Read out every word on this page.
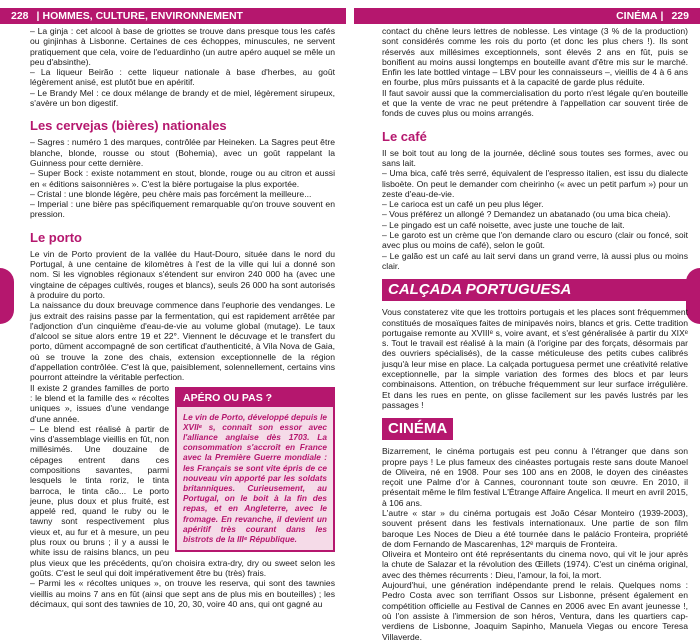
228 | HOMMES, CULTURE, ENVIRONNEMENT	CINÉMA | 229

– La ginja : cet alcool à base de griottes se trouve dans presque tous les cafés ou ginjinhas à Lisbonne. Certaines de ces échoppes, minuscules, ne servent pratiquement que cela, voire de l'eduardinho (un autre apéro auquel se mêle un peu d'absinthe).

– La liqueur Beirão : cette liqueur nationale à base d'herbes, au goût légèrement anisé, est plutôt bue en apéritif.

– Le Brandy Mel : ce doux mélange de brandy et de miel, légèrement sirupeux, s'avère un bon digestif.

Les cervejas (bières) nationales

– Sagres : numéro 1 des marques, contrôlée par Heineken. La Sagres peut être blanche, blonde, rousse ou stout (Bohemia), avec un goût rappelant la Guinness pour cette dernière.

– Super Bock : existe notamment en stout, blonde, rouge ou au citron et aussi en « éditions saisonnières ». C'est la bière portugaise la plus exportée.

– Cristal : une blonde légère, peu chère mais pas forcément la meilleure...

– Imperial : une bière pas spécifiquement remarquable qu'on trouve souvent en pression.

Le porto

Le vin de Porto provient de la vallée du Haut-Douro, située dans le nord du Portugal, à une centaine de kilomètres à l'est de la ville qui lui a donné son nom. Si les vignobles régionaux s'étendent sur environ 240 000 ha (avec une vingtaine de cépages cultivés, rouges et blancs), seuls 26 000 ha sont autorisés à produire du porto.

La naissance du doux breuvage commence dans l'euphorie des vendanges. Le jus extrait des raisins passe par la fermentation, qui est rapidement arrêtée par l'adjonction d'un cinquième d'eau-de-vie au volume global (mutage). Le taux d'alcool se situe alors entre 19 et 22°. Viennent le décuvage et le transfert du porto, dûment accompagné de son certificat d'authenticité, à Vila Nova de Gaia, où se trouve la zone des chais, extension exceptionnelle de la région d'appellation contrôlée. C'est là que, paisiblement, solennellement, certains vins pourront atteindre la véritable perfection.

APÉRO OU PAS ?
Le vin de Porto, développé depuis le XVIIᵉ s, connaît son essor avec l'alliance anglaise dès 1703. La consommation s'accroît en France avec la Première Guerre mondiale : les Français se sont vite épris de ce nouveau vin apporté par les soldats britanniques. Curieusement, au Portugal, on le boit à la fin des repas, et en Angleterre, avec le fromage. En revanche, il devient un apéritif très courant dans les bistrots de la IIIᵉ République.

Il existe 2 grandes familles de porto : le blend et la famille des « récoltes uniques », issues d'une vendange d'une année.

– Le blend est réalisé à partir de vins d'assemblage vieillis en fût, non millésimés. Une douzaine de cépages entrent dans ces compositions savantes, parmi lesquels le tinta roriz, le tinta barroca, le tinta cão... Le porto jeune, plus doux et plus fruité, est appelé red, quand le ruby ou le tawny sont respectivement plus vieux et, au fur et à mesure, un peu plus roux ou bruns ; il y a aussi le white issu de raisins blancs, un peu plus vieux que les précédents, qu'on choisira extra-dry, dry ou sweet selon les goûts. C'est le seul qui doit impérativement être bu (très) frais.

– Parmi les « récoltes uniques », on trouve les reserva, qui sont des tawnies vieillis au moins 7 ans en fût (ainsi que sept ans de plus mis en bouteilles) ; les décimaux, qui sont des tawnies de 10, 20, 30, voire 40 ans, qui ont gagné au

contact du chêne leurs lettres de noblesse. Les vintage (3 % de la production) sont considérés comme les rois du porto (et donc les plus chers !). Ils sont réservés aux millésimes exceptionnels, sont élevés 2 ans en fût, puis se bonifient au moins aussi longtemps en bouteille avant d'être mis sur le marché. Enfin les late bottled vintage – LBV pour les connaisseurs –, vieillis de 4 à 6 ans en fourbe, plus mûrs puissants et à la capacité de garde plus réduite.

Il faut savoir aussi que la commercialisation du porto n'est légale qu'en bouteille et que la vente de vrac ne peut prétendre à l'appellation car souvent tirée de fonds de cuves plus ou moins arrangés.

Le café

Il se boit tout au long de la journée, décliné sous toutes ses formes, avec ou sans lait.

– Uma bica, café très serré, équivalent de l'espresso italien, est issu du dialecte lisboète. On peut le demander com cheirinho (« avec un petit parfum ») pour un zeste d'eau-de-vie.

– Le carioca est un café un peu plus léger.

– Vous préférez un allongé ? Demandez un abatanado (ou uma bica cheia).

– Le pingado est un café noisette, avec juste une touche de lait.

– Le garoto est un crème que l'on demande claro ou escuro (clair ou foncé, soit avec plus ou moins de café), selon le goût.

– Le galão est un café au lait servi dans un grand verre, là aussi plus ou moins clair.

CALÇADA PORTUGUESA

Vous constaterez vite que les trottoirs portugais et les places sont fréquemment constitués de mosaïques faites de minipavés noirs, blancs et gris. Cette tradition portugaise remonte au XVIIIᵉ s, voire avant, et s'est généralisée à partir du XIXᵉ s. Tout le travail est réalisé à la main (à l'origine par des forçats, désormais par des ouvriers spécialisés), de la casse méticuleuse des petits cubes calibrés jusqu'à leur mise en place. La calçada portuguesa permet une créativité relative exceptionnelle, par la simple variation des formes des blocs et par leurs combinaisons. Attention, on trébuche fréquemment sur leur surface irrégulière. Et dans les rues en pente, on glisse facilement sur les pavés lustrés par les passages !

CINÉMA

Bizarrement, le cinéma portugais est peu connu à l'étranger que dans son propre pays ! Le plus fameux des cinéastes portugais reste sans doute Manoel de Oliveira, né en 1908. Pour ses 100 ans en 2008, le doyen des cinéastes reçoit une Palme d'or à Cannes, couronnant toute son œuvre. En 2010, il présentait même le film festival L'Étrange Affaire Angelica. Il meurt en avril 2015, à 106 ans.

L'autre « star » du cinéma portugais est João César Monteiro (1939-2003), souvent présent dans les festivals internationaux. Une partie de son film baroque Les Noces de Dieu a été tournée dans le palácio Fronteira, propriété de dom Fernando de Mascarenhas, 12ᵉ marquis de Fronteira.

Oliveira et Monteiro ont été représentants du cinema novo, qui vit le jour après la chute de Salazar et la révolution des Œillets (1974). C'est un cinéma original, avec des thèmes récurrents : Dieu, l'amour, la foi, la mort.

Aujourd'hui, une génération indépendante prend le relais. Quelques noms : Pedro Costa avec son terrifiant Ossos sur Lisbonne, présent également en compétition officielle au Festival de Cannes en 2006 avec En avant jeunesse !, où l'on assiste à l'immersion de son héros, Ventura, dans les quartiers cap-verdiens de Lisbonne, Joaquim Sapinho, Manuela Viegas ou encore Teresa Villaverde.
